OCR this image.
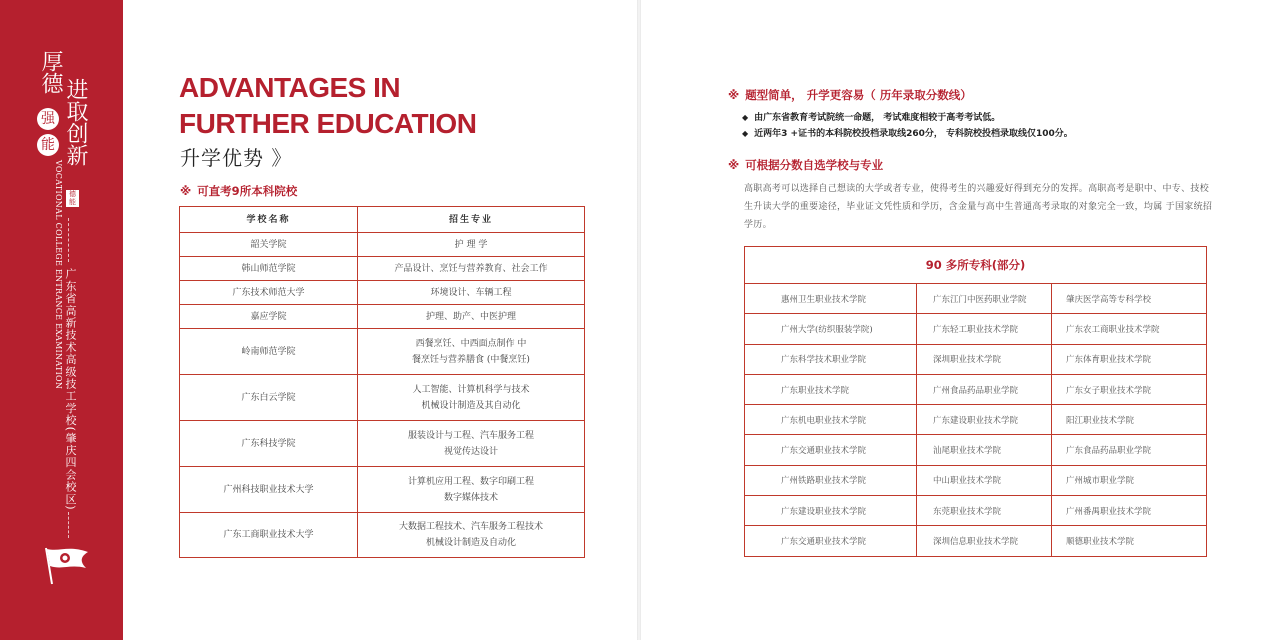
厚德
强
能 进取创新
德能
VOCATIONAL COLLEGE ENTRANCE EXAMINATION 广东省高新技术高级技工学校(肇庆四会校区)
ADVANTAGES IN
FURTHER EDUCATION
升学优势 》
※ 可直考9所本科院校
学校名称	招生专业
韶关学院	护 理 学

韩山师范学院	产品设计、烹饪与营养教育、社会工作

广东技术师范大学	环境设计、车辆工程

嘉应学院	护理、助产、中医护理

岭南师范学院	西餐烹饪、中西面点制作 中
餐烹饪与营养膳食 (中餐烹饪)

广东白云学院	人工智能、计算机科学与技术
机械设计制造及其自动化

广东科技学院	服装设计与工程、汽车服务工程
视觉传达设计

广州科技职业技术大学	计算机应用工程、数字印刷工程
数字媒体技术

广东工商职业技术大学	大数据工程技术、汽车服务工程技术
机械设计制造及自动化
※ 题型简单， 升学更容易（ 历年录取分数线）
◆ 由广东省教育考试院统一命题， 考试难度相较于高考考试低。
◆ 近两年3 +证书的本科院校投档录取线260分， 专科院校投档录取线仅100分。
※ 可根据分数自选学校与专业
高职高考可以选择自己想读的大学或者专业，使得考生的兴趣爱好得到充分的发挥。高职高考是职中、中专、技校生升读大学的重要途径，毕业证文凭性质和学历，含金量与高中生普通高考录取的对象完全一致，均属 于国家统招学历。
90 多所专科(部分)		
惠州卫生职业技术学院	广东江门中医药职业学院	肇庆医学高等专科学校
广州大学(纺织服装学院)	广东轻工职业技术学院	广东农工商职业技术学院
广东科学技术职业学院	深圳职业技术学院	广东体育职业技术学院
广东职业技术学院	广州食品药品职业学院	广东女子职业技术学院
广东机电职业技术学院	广东建设职业技术学院	阳江职业技术学院
广东交通职业技术学院	汕尾职业技术学院	广东食品药品职业学院
广州铁路职业技术学院	中山职业技术学院	广州城市职业学院
广东建设职业技术学院	东莞职业技术学院	广州番禺职业技术学院
广东交通职业技术学院	深圳信息职业技术学院	顺德职业技术学院
